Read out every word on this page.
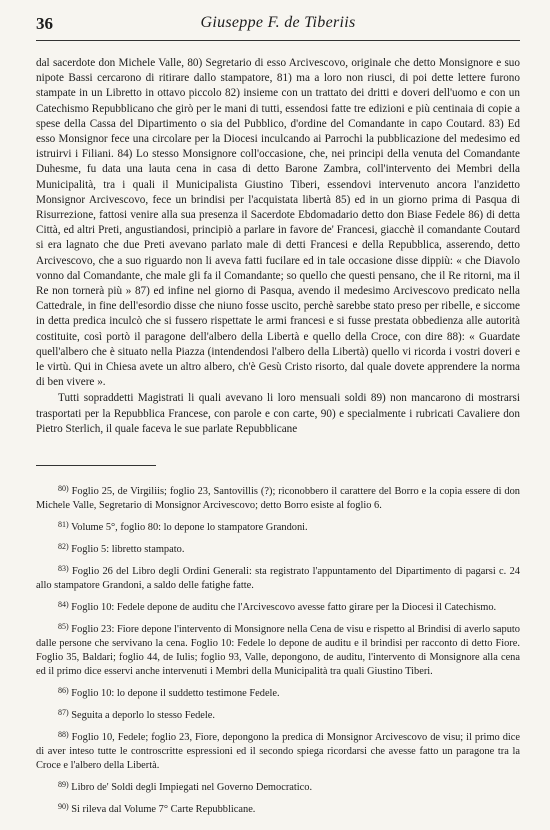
36	Giuseppe F. de Tiberiis

dal sacerdote don Michele Valle, 80) Segretario di esso Arcivescovo, originale che detto Monsignore e suo nipote Bassi cercarono di ritirare dallo stampatore, 81) ma a loro non riusci, di poi dette lettere furono stampate in un Libretto in ottavo piccolo 82) insieme con un trattato dei dritti e doveri dell'uomo e con un Catechismo Repubblicano che girò per le mani di tutti, essendosi fatte tre edizioni e più centinaia di copie a spese della Cassa del Dipartimento o sia del Pubblico, d'ordine del Comandante in capo Coutard. 83) Ed esso Monsignor fece una circolare per la Diocesi inculcando ai Parrochi la pubblicazione del medesimo ed istruirvi i Filiani. 84) Lo stesso Monsignore coll'occasione, che, nei principi della venuta del Comandante Duhesme, fu data una lauta cena in casa di detto Barone Zambra, coll'intervento dei Membri della Municipalità, tra i quali il Municipalista Giustino Tiberi, essendovi intervenuto ancora l'anzidetto Monsignor Arcivescovo, fece un brindisi per l'acquistata libertà 85) ed in un giorno prima di Pasqua di Risurrezione, fattosi venire alla sua presenza il Sacerdote Ebdomadario detto don Biase Fedele 86) di detta Città, ed altri Preti, angustiandosi, principiò a parlare in favore de' Francesi, giacchè il comandante Coutard si era lagnato che due Preti avevano parlato male di detti Francesi e della Repubblica, asserendo, detto Arcivescovo, che a suo riguardo non li aveva fatti fucilare ed in tale occasione disse dippiù: « che Diavolo vonno dal Comandante, che male gli fa il Comandante; so quello che questi pensano, che il Re ritorni, ma il Re non tornerà più » 87) ed infine nel giorno di Pasqua, avendo il medesimo Arcivescovo predicato nella Cattedrale, in fine dell'esordio disse che niuno fosse uscito, perchè sarebbe stato preso per ribelle, e siccome in detta predica inculcò che si fussero rispettate le armi francesi e si fusse prestata obbedienza alle autorità costituite, così portò il paragone dell'albero della Libertà e quello della Croce, con dire 88): « Guardate quell'albero che è situato nella Piazza (intendendosi l'albero della Libertà) quello vi ricorda i vostri doveri e le virtù. Qui in Chiesa avete un altro albero, ch'è Gesù Cristo risorto, dal quale dovete apprendere la norma di ben vivere ».

Tutti sopraddetti Magistrati li quali avevano li loro mensuali soldi 89) non mancarono di mostrarsi trasportati per la Repubblica Francese, con parole e con carte, 90) e specialmente i rubricati Cavaliere don Pietro Sterlich, il quale faceva le sue parlate Repubblicane

$^{80)}$ Foglio 25, de Virgiliis; foglio 23, Santovillis (?); riconobbero il carattere del Borro e la copia essere di don Michele Valle, Segretario di Monsignor Arcivescovo; detto Borro esiste al foglio 6.

$^{81)}$ Volume 5°, foglio 80: lo depone lo stampatore Grandoni.

$^{82)}$ Foglio 5: libretto stampato.

$^{83)}$ Foglio 26 del Libro degli Ordini Generali: sta registrato l'appuntamento del Dipartimento di pagarsi c. 24 allo stampatore Grandoni, a saldo delle fatighe fatte.

$^{84)}$ Foglio 10: Fedele depone de auditu che l'Arcivescovo avesse fatto girare per la Diocesi il Catechismo.

$^{85)}$ Foglio 23: Fiore depone l'intervento di Monsignore nella Cena de visu e rispetto al Brindisi di averlo saputo dalle persone che servivano la cena. Foglio 10: Fedele lo depone de auditu e il brindisi per racconto di detto Fiore. Foglio 35, Baldari; foglio 44, de Iulis; foglio 93, Valle, depongono, de auditu, l'intervento di Monsignore alla cena ed il primo dice esservi anche intervenuti i Membri della Municipalità tra quali Giustino Tiberi.

$^{86)}$ Foglio 10: lo depone il suddetto testimone Fedele.

$^{87)}$ Seguita a deporlo lo stesso Fedele.

$^{88)}$ Foglio 10, Fedele; foglio 23, Fiore, depongono la predica di Monsignor Arcivescovo de visu; il primo dice di aver inteso tutte le controscritte espressioni ed il secondo spiega ricordarsi che avesse fatto un paragone tra la Croce e l'albero della Libertà.

$^{89)}$ Libro de' Soldi degli Impiegati nel Governo Democratico.

$^{90)}$ Si rileva dal Volume 7° Carte Repubblicane.
